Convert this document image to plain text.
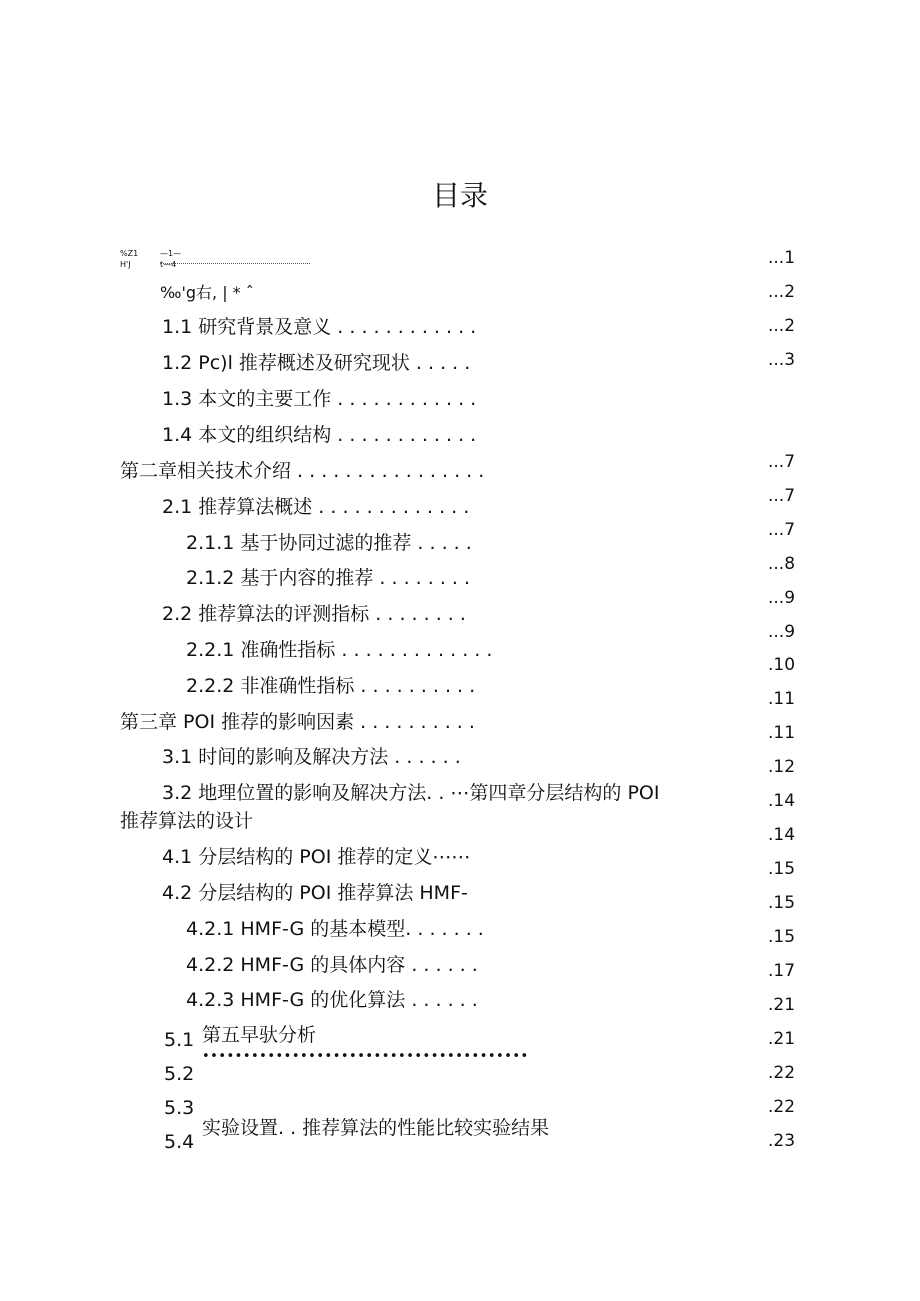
目录
%Z1
H'J
—1—
t—4
‰'g右, | * ˆ
1.1 研究背景及意义 . . . . . . . . . . . .
1.2 Pc)l 推荐概述及研究现状 . . . . .
1.3 本文的主要工作 . . . . . . . . . . . .
1.4 本文的组织结构 . . . . . . . . . . . .
第二章相关技术介绍 . . . . . . . . . . . . . . . .
2.1 推荐算法概述 . . . . . . . . . . . . .
2.1.1 基于协同过滤的推荐 . . . . .
2.1.2 基于内容的推荐 . . . . . . . .
2.2 推荐算法的评测指标 . . . . . . . .
2.2.1 准确性指标 . . . . . . . . . . . . .
2.2.2 非准确性指标 . . . . . . . . . .
第三章 POI 推荐的影响因素 . . . . . . . . . .
3.1 时间的影响及解决方法 . . . . . .
3.2 地理位置的影响及解决方法. . ⋯第四章分层结构的 POI
推荐算法的设计
4.1 分层结构的 POI 推荐的定义⋯⋯
4.2 分层结构的 POI 推荐算法 HMF-
4.2.1 HMF-G 的基本模型. . . . . . .
4.2.2 HMF-G 的具体内容 . . . . . .
4.2.3 HMF-G 的优化算法 . . . . . .
5.1 第五早驮分析
••••••••••••••••••••••••••••••••••••••••
5.2
5.3
5.4
实验设置. . 推荐算法的性能比较实验结果
...1
...2
...2
...3
...7
...7
...7
...8
...9
...9
.10
.11
.11
.12
.14
.14
.15
.15
.15
.17
.21
.21
.22
.22
.23
